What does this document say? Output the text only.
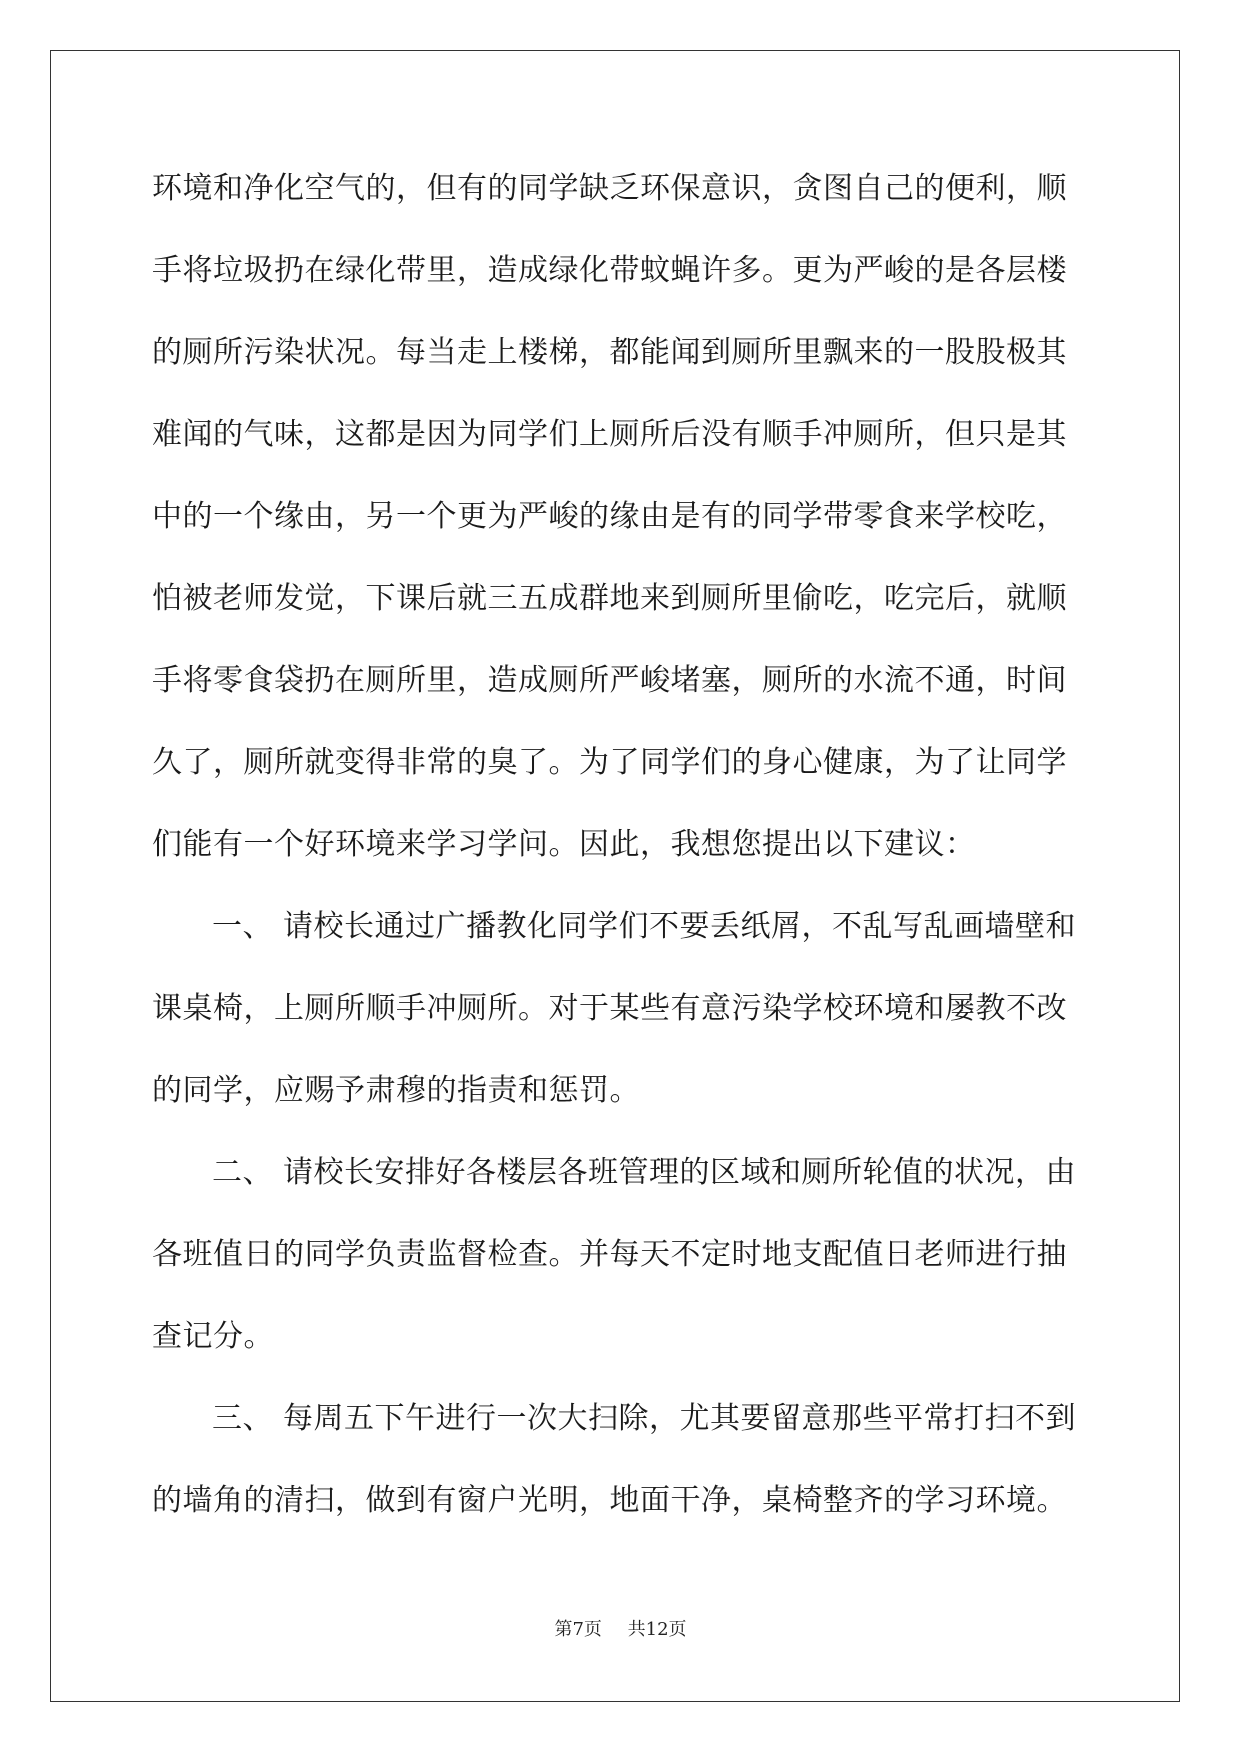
环境和净化空气的，但有的同学缺乏环保意识，贪图自己的便利，顺
手将垃圾扔在绿化带里，造成绿化带蚊蝇许多。更为严峻的是各层楼
的厕所污染状况。每当走上楼梯，都能闻到厕所里飘来的一股股极其
难闻的气味，这都是因为同学们上厕所后没有顺手冲厕所，但只是其
中的一个缘由，另一个更为严峻的缘由是有的同学带零食来学校吃，
怕被老师发觉，下课后就三五成群地来到厕所里偷吃，吃完后，就顺
手将零食袋扔在厕所里，造成厕所严峻堵塞，厕所的水流不通，时间
久了，厕所就变得非常的臭了。为了同学们的身心健康，为了让同学
们能有一个好环境来学习学问。因此，我想您提出以下建议：
一、 请校长通过广播教化同学们不要丢纸屑，不乱写乱画墙壁和
课桌椅，上厕所顺手冲厕所。对于某些有意污染学校环境和屡教不改
的同学，应赐予肃穆的指责和惩罚。
二、 请校长安排好各楼层各班管理的区域和厕所轮值的状况，由
各班值日的同学负责监督检查。并每天不定时地支配值日老师进行抽
查记分。
三、 每周五下午进行一次大扫除，尤其要留意那些平常打扫不到
的墙角的清扫，做到有窗户光明，地面干净，桌椅整齐的学习环境。
第7页 共12页
